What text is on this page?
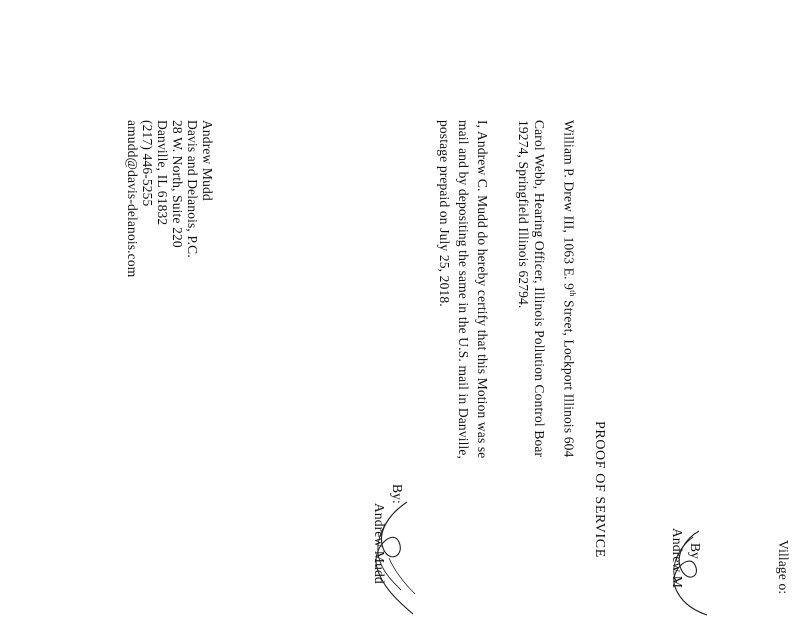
Village o:
By
Andrew M
PROOF OF SERVICE
William P. Drew III, 1063 E. 9th Street, Lockport Illinois 604
Carol Webb, Hearing Officer, Illinois Pollution Control Boar
19274, Springfield Illinois 62794.
I, Andrew C. Mudd do hereby certify that this Motion was se
mail and by depositing the same in the U.S. mail in Danville,
postage prepaid on July 25, 2018.
By:
Andrew Mudd
Andrew Mudd
Davis and Delanois, P.C.
28 W. North, Suite 220
Danville, IL 61832
(217) 446-5255
amudd@davis-delanois.com
